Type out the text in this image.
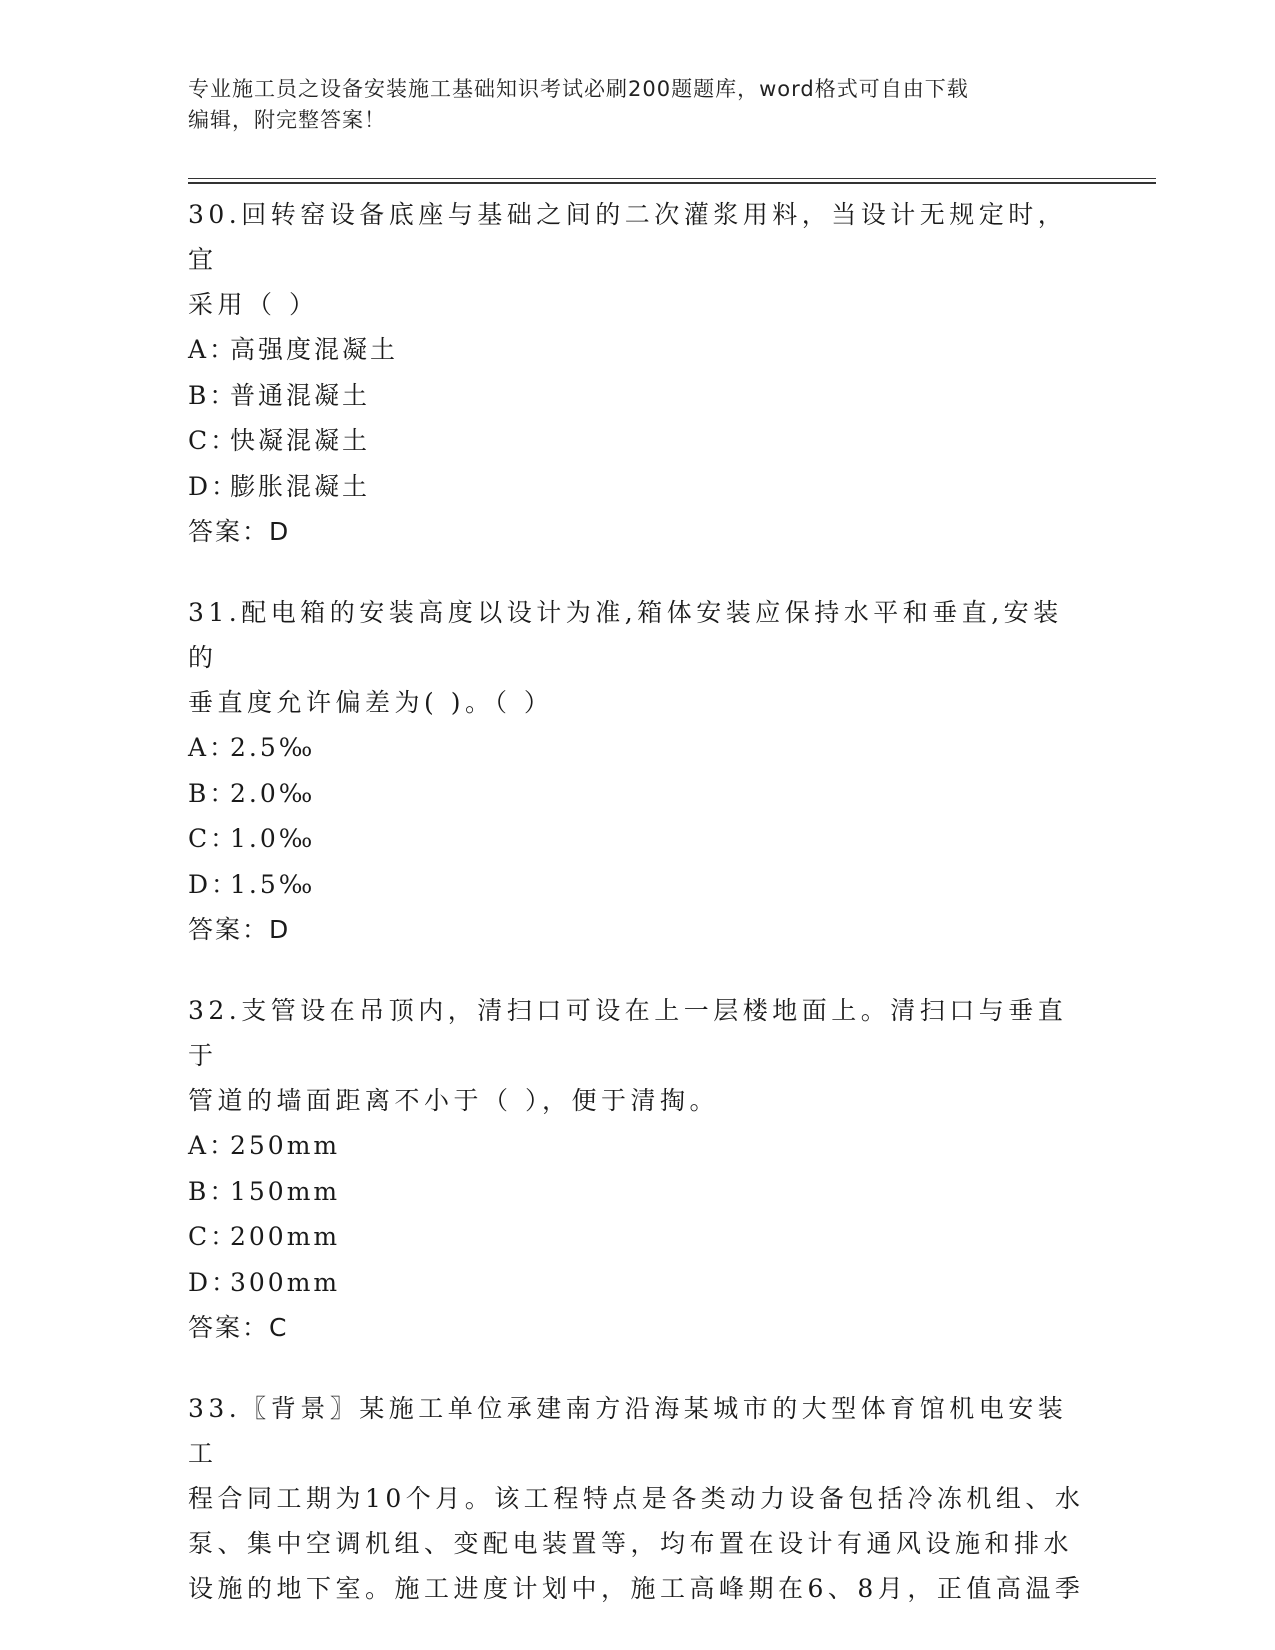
专业施工员之设备安装施工基础知识考试必刷200题题库，word格式可自由下载
编辑，附完整答案！

30.回转窑设备底座与基础之间的二次灌浆用料，当设计无规定时，宜

采用（ ）

A：高强度混凝土

B：普通混凝土

C：快凝混凝土

D：膨胀混凝土

答案：D

31.配电箱的安装高度以设计为准,箱体安装应保持水平和垂直,安装的

垂直度允许偏差为( )。（ ）

A：2.5‰

B：2.0‰

C：1.0‰

D：1.5‰

答案：D

32.支管设在吊顶内，清扫口可设在上一层楼地面上。清扫口与垂直于

管道的墙面距离不小于（ ），便于清掏。

A：250mm

B：150mm

C：200mm

D：300mm

答案：C

33.〖背景〗某施工单位承建南方沿海某城市的大型体育馆机电安装工

程合同工期为10个月。该工程特点是各类动力设备包括冷冻机组、水

泵、集中空调机组、变配电装置等，均布置在设计有通风设施和排水

设施的地下室。施工进度计划中，施工高峰期在6、8月，正值高温季
